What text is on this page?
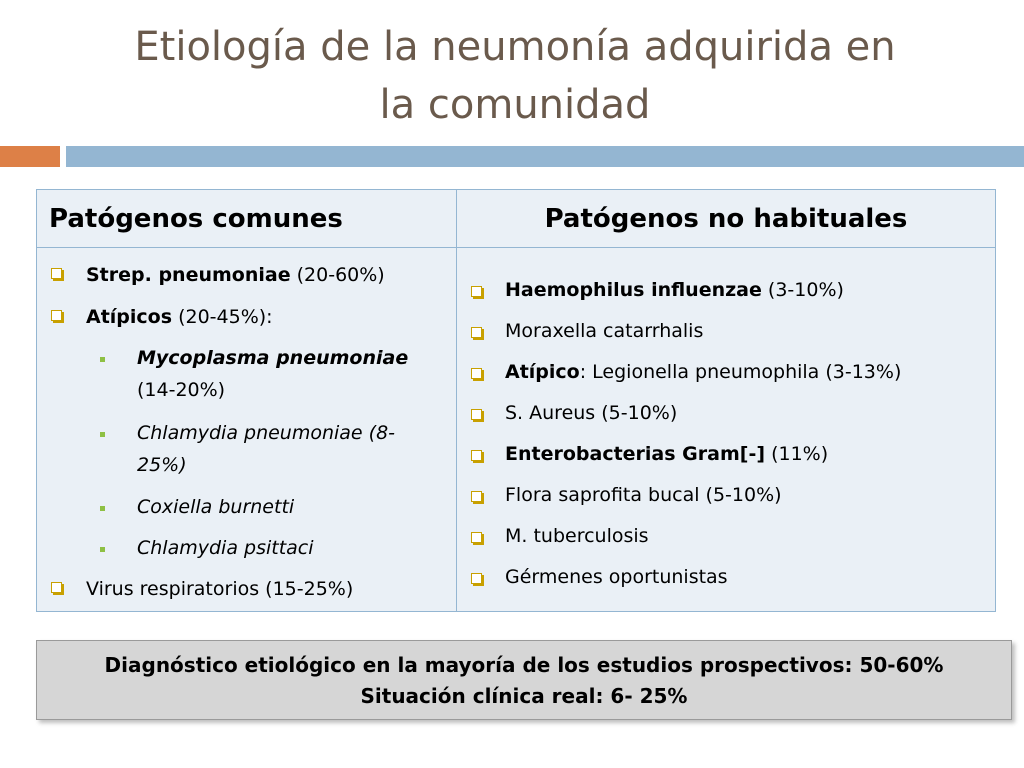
Etiología de la neumonía adquirida en
la comunidad
Patógenos comunes	Patógenos no habituales
Strep. pneumoniae (20-60%)
Atípicos (20-45%):
Mycoplasma pneumoniae
(14-20%)
Chlamydia pneumoniae (8-
25%)
Coxiella burnetti
Chlamydia psittaci
Virus respiratorios (15-25%)
Haemophilus influenzae (3-10%)
Moraxella catarrhalis
Atípico: Legionella pneumophila (3-13%)
S. Aureus (5-10%)
Enterobacterias Gram[-] (11%)
Flora saprofita bucal (5-10%)
M. tuberculosis
Gérmenes oportunistas
Diagnóstico etiológico en la mayoría de los estudios prospectivos: 50-60%
Situación clínica real: 6- 25%
